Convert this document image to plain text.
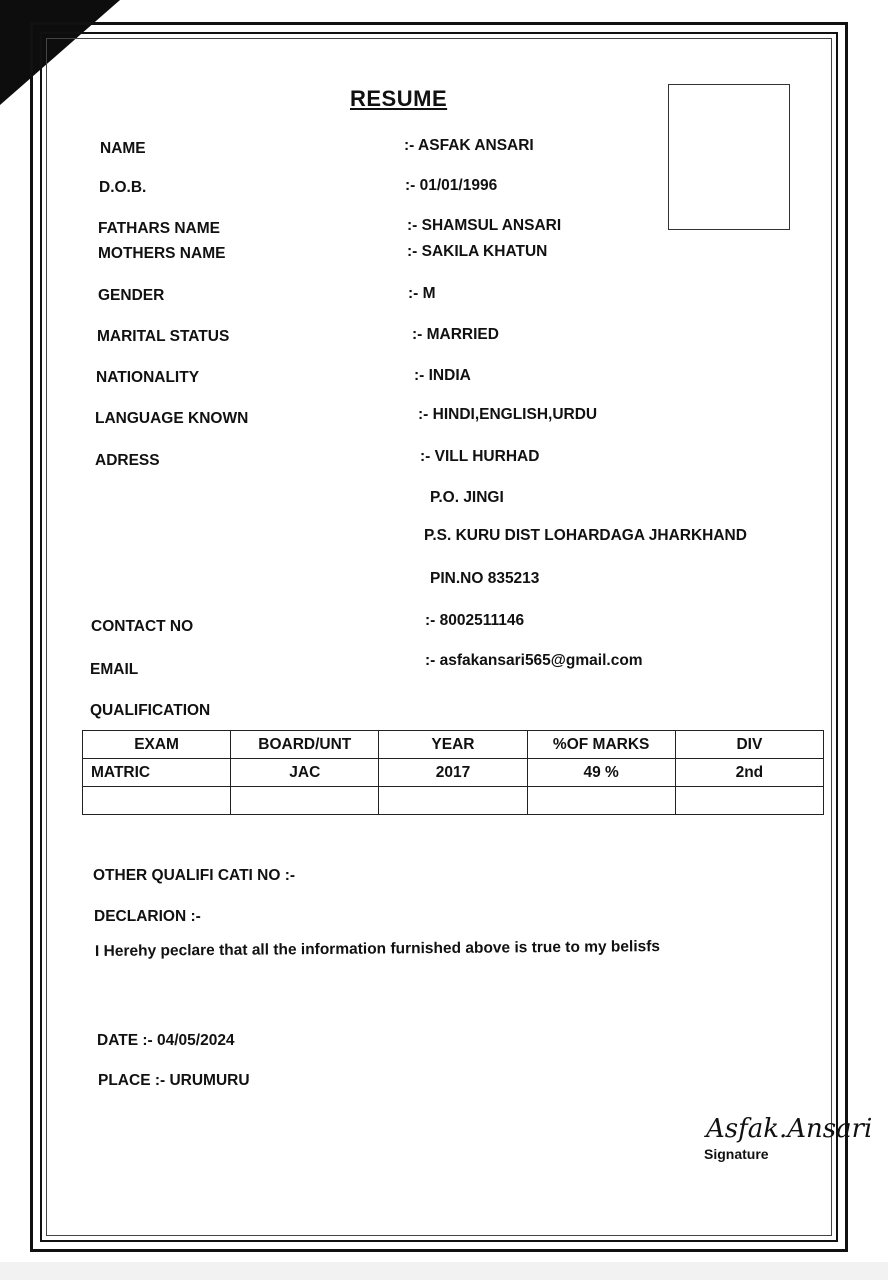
RESUME
NAME	:- ASFAK ANSARI
D.O.B.	:- 01/01/1996
FATHARS NAME	:- SHAMSUL ANSARI
MOTHERS NAME	:- SAKILA KHATUN
GENDER	:- M
MARITAL STATUS	:- MARRIED
NATIONALITY	:- INDIA
LANGUAGE KNOWN	:- HINDI,ENGLISH,URDU
ADRESS	:- VILL HURHAD
P.O. JINGI
P.S. KURU DIST LOHARDAGA JHARKHAND
PIN.NO 835213
CONTACT NO	:- 8002511146
EMAIL
:- asfakansari565@gmail.com
QUALIFICATION
EXAM	BOARD/UNT	YEAR	%OF MARKS	DIV
MATRIC	JAC	2017	49 %	2nd

OTHER QUALIFI CATI NO :-
DECLARION :-
I Herehy peclare that all the information furnished above is true to my belisfs
DATE :- 04/05/2024
PLACE :- URUMURU
Asfak.Ansari
Signature
